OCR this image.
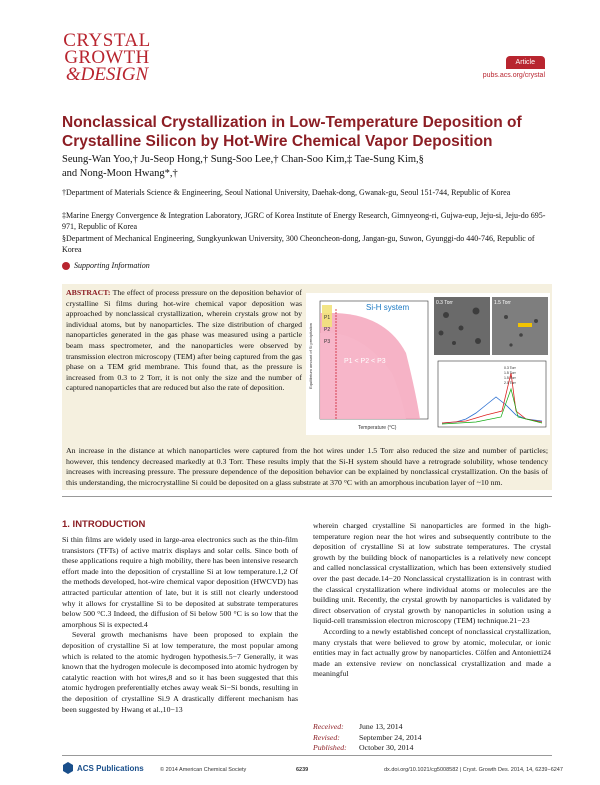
CRYSTAL
GROWTH
&DESIGN
Article
pubs.acs.org/crystal
Nonclassical Crystallization in Low-Temperature Deposition of Crystalline Silicon by Hot-Wire Chemical Vapor Deposition
Seung-Wan Yoo,† Ju-Seop Hong,† Sung-Soo Lee,† Chan-Soo Kim,‡ Tae-Sung Kim,§
and Nong-Moon Hwang*,†
†Department of Materials Science & Engineering, Seoul National University, Daehak-dong, Gwanak-gu, Seoul 151-744, Republic of Korea
‡Marine Energy Convergence & Integration Laboratory, JGRC of Korea Institute of Energy Research, Gimnyeong-ri, Gujwa-eup, Jeju-si, Jeju-do 695-971, Republic of Korea
§Department of Mechanical Engineering, Sungkyunkwan University, 300 Cheoncheon-dong, Jangan-gu, Suwon, Gyunggi-do 440-746, Republic of Korea
Supporting Information
ABSTRACT: The effect of process pressure on the deposition behavior of crystalline Si films during hot-wire chemical vapor deposition was approached by nonclassical crystallization, wherein crystals grow not by individual atoms, but by nanoparticles. The size distribution of charged nanoparticles generated in the gas phase was measured using a particle beam mass spectrometer, and the nanoparticles were observed by transmission electron microscopy (TEM) after being captured from the gas phase on a TEM grid membrane. This found that, as the pressure is increased from 0.3 to 2 Torr, it is not only the size and the number of captured nanoparticles that are reduced but also the rate of deposition.
Si-H system
P1
P2
P3
P1 < P2 < P3
Equilibrium amount of Si precipitation
Temperature (°C)
0.3 Torr	1.5 Torr
0.3 Torr
1.5 Torr
1.5 Torr
2.0 Torr
An increase in the distance at which nanoparticles were captured from the hot wires under 1.5 Torr also reduced the size and number of particles; however, this tendency decreased markedly at 0.3 Torr. These results imply that the Si-H system should have a retrograde solubility, whose tendency increases with increasing pressure. The pressure dependence of the deposition behavior can be explained by nonclassical crystallization. On the basis of this understanding, the microcrystalline Si could be deposited on a glass substrate at 370 °C with an amorphous incubation layer of ~10 nm.
1. INTRODUCTION

Si thin films are widely used in large-area electronics such as the thin-film transistors (TFTs) of active matrix displays and solar cells. Since both of these applications require a high mobility, there has been intensive research effort made into the deposition of crystalline Si at low temperature.1,2 Of the methods developed, hot-wire chemical vapor deposition (HWCVD) has attracted particular attention of late, but it is still not clearly understood why it allows for crystalline Si to be deposited at substrate temperatures below 500 °C.3 Indeed, the diffusion of Si below 500 °C is so low that the amorphous Si is expected.4

Several growth mechanisms have been proposed to explain the deposition of crystalline Si at low temperature, the most popular among which is related to the atomic hydrogen hypothesis.5−7 Generally, it was known that the hydrogen molecule is decomposed into atomic hydrogen by catalytic reaction with hot wires,8 and so it has been suggested that this atomic hydrogen preferentially etches away weak Si−Si bonds, resulting in the deposition of crystalline Si.9 A drastically different mechanism has been suggested by Hwang et al.,10−13

wherein charged crystalline Si nanoparticles are formed in the high-temperature region near the hot wires and subsequently contribute to the deposition of crystalline Si at low substrate temperatures. The crystal growth by the building block of nanoparticles is a relatively new concept and called nonclassical crystallization, which has been extensively studied over the past decade.14−20 Nonclassical crystallization is in contrast with the classical crystallization where individual atoms or molecules are the building unit. Recently, the crystal growth by nanoparticles is validated by direct observation of crystal growth by nanoparticles in solution using a liquid-cell transmission electron microscopy (TEM) technique.21−23

According to a newly established concept of nonclassical crystallization, many crystals that were believed to grow by atomic, molecular, or ionic entities may in fact actually grow by nanoparticles. Cölfen and Antonietti24 made an extensive review on nonclassical crystallization and made a meaningful

Received: June 13, 2014
Revised: September 24, 2014
Published: October 30, 2014
ACS Publications	© 2014 American Chemical Society	6239	dx.doi.org/10.1021/cg5008582 | Cryst. Growth Des. 2014, 14, 6239−6247
